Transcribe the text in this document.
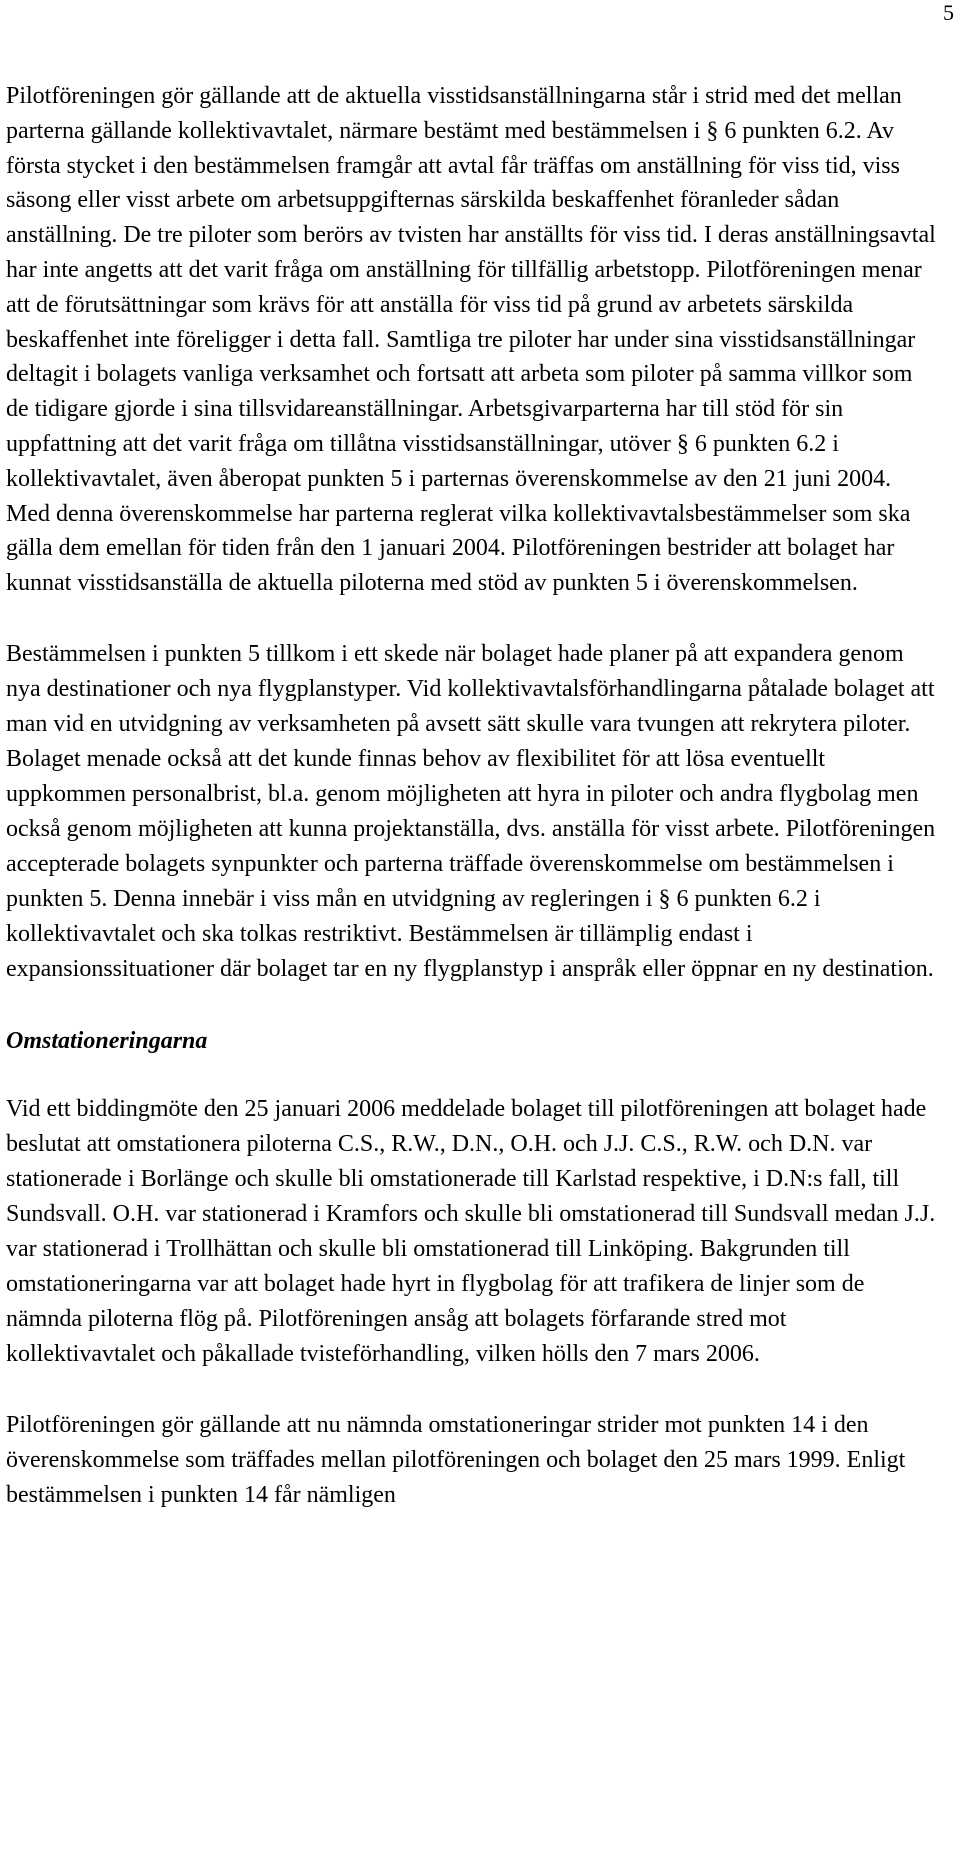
5

Pilotföreningen gör gällande att de aktuella visstidsanställningarna står i strid med det mellan parterna gällande kollektivavtalet, närmare bestämt med bestämmelsen i § 6 punkten 6.2. Av första stycket i den bestämmelsen framgår att avtal får träffas om anställning för viss tid, viss säsong eller visst arbete om arbetsuppgifternas särskilda beskaffenhet föranleder sådan anställning. De tre piloter som berörs av tvisten har anställts för viss tid. I deras anställningsavtal har inte angetts att det varit fråga om anställning för tillfällig arbetstopp. Pilotföreningen menar att de förutsättningar som krävs för att anställa för viss tid på grund av arbetets särskilda beskaffenhet inte föreligger i detta fall. Samtliga tre piloter har under sina visstidsanställningar deltagit i bolagets vanliga verksamhet och fortsatt att arbeta som piloter på samma villkor som de tidigare gjorde i sina tillsvidareanställningar. Arbetsgivarparterna har till stöd för sin uppfattning att det varit fråga om tillåtna visstidsanställningar, utöver § 6 punkten 6.2 i kollektivavtalet, även åberopat punkten 5 i parternas överenskommelse av den 21 juni 2004. Med denna överenskommelse har parterna reglerat vilka kollektivavtalsbestämmelser som ska gälla dem emellan för tiden från den 1 januari 2004. Pilotföreningen bestrider att bolaget har kunnat visstidsanställa de aktuella piloterna med stöd av punkten 5 i överenskommelsen.

Bestämmelsen i punkten 5 tillkom i ett skede när bolaget hade planer på att expandera genom nya destinationer och nya flygplanstyper. Vid kollektivavtalsförhandlingarna påtalade bolaget att man vid en utvidgning av verksamheten på avsett sätt skulle vara tvungen att rekrytera piloter. Bolaget menade också att det kunde finnas behov av flexibilitet för att lösa eventuellt uppkommen personalbrist, bl.a. genom möjligheten att hyra in piloter och andra flygbolag men också genom möjligheten att kunna projektanställa, dvs. anställa för visst arbete. Pilotföreningen accepterade bolagets synpunkter och parterna träffade överenskommelse om bestämmelsen i punkten 5. Denna innebär i viss mån en utvidgning av regleringen i § 6 punkten 6.2 i kollektivavtalet och ska tolkas restriktivt. Bestämmelsen är tillämplig endast i expansionssituationer där bolaget tar en ny flygplanstyp i anspråk eller öppnar en ny destination.

Omstationeringarna

Vid ett biddingmöte den 25 januari 2006 meddelade bolaget till pilotföreningen att bolaget hade beslutat att omstationera piloterna C.S., R.W., D.N., O.H. och J.J. C.S., R.W. och D.N. var stationerade i Borlänge och skulle bli omstationerade till Karlstad respektive, i D.N:s fall, till Sundsvall. O.H. var stationerad i Kramfors och skulle bli omstationerad till Sundsvall medan J.J. var stationerad i Trollhättan och skulle bli omstationerad till Linköping. Bakgrunden till omstationeringarna var att bolaget hade hyrt in flygbolag för att trafikera de linjer som de nämnda piloterna flög på. Pilotföreningen ansåg att bolagets förfarande stred mot kollektivavtalet och påkallade tvisteförhandling, vilken hölls den 7 mars 2006.

Pilotföreningen gör gällande att nu nämnda omstationeringar strider mot punkten 14 i den överenskommelse som träffades mellan pilotföreningen och bolaget den 25 mars 1999. Enligt bestämmelsen i punkten 14 får nämligen
